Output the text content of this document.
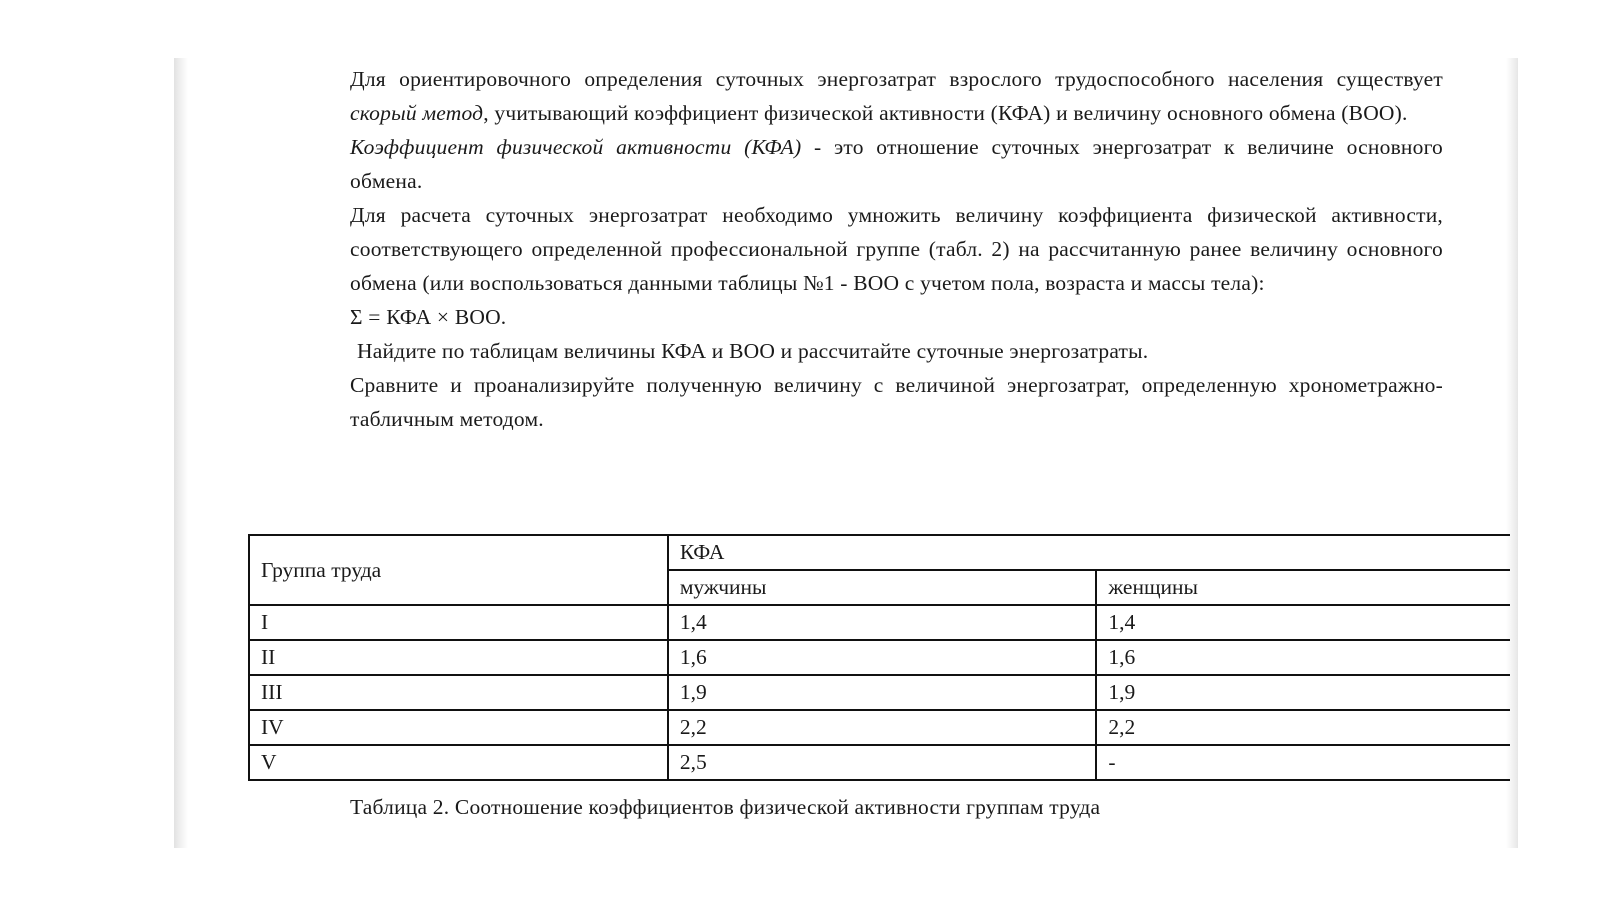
Для ориентировочного определения суточных энергозатрат взрослого трудоспособного населения существует скорый метод, учитывающий коэффициент физической активности (КФА) и величину основного обмена (ВОО).

Коэффициент физической активности (КФА) - это отношение суточных энергозатрат к величине основного обмена.

Для расчета суточных энергозатрат необходимо умножить величину коэффициента физической активности, соответствующего определенной профессиональной группе (табл. 2) на рассчитанную ранее величину основного обмена (или воспользоваться данными таблицы №1 - ВОО с учетом пола, возраста и массы тела):

Σ = КФА × ВОО.

Найдите по таблицам величины КФА и ВОО и рассчитайте суточные энергозатраты.

Сравните и проанализируйте полученную величину с величиной энергозатрат, определенную хронометражно-табличным методом.

Группа труда	КФА	
	мужчины	женщины
I	1,4	1,4
II	1,6	1,6
III	1,9	1,9
IV	2,2	2,2
V	2,5	-
Таблица 2. Соотношение коэффициентов физической активности группам труда
